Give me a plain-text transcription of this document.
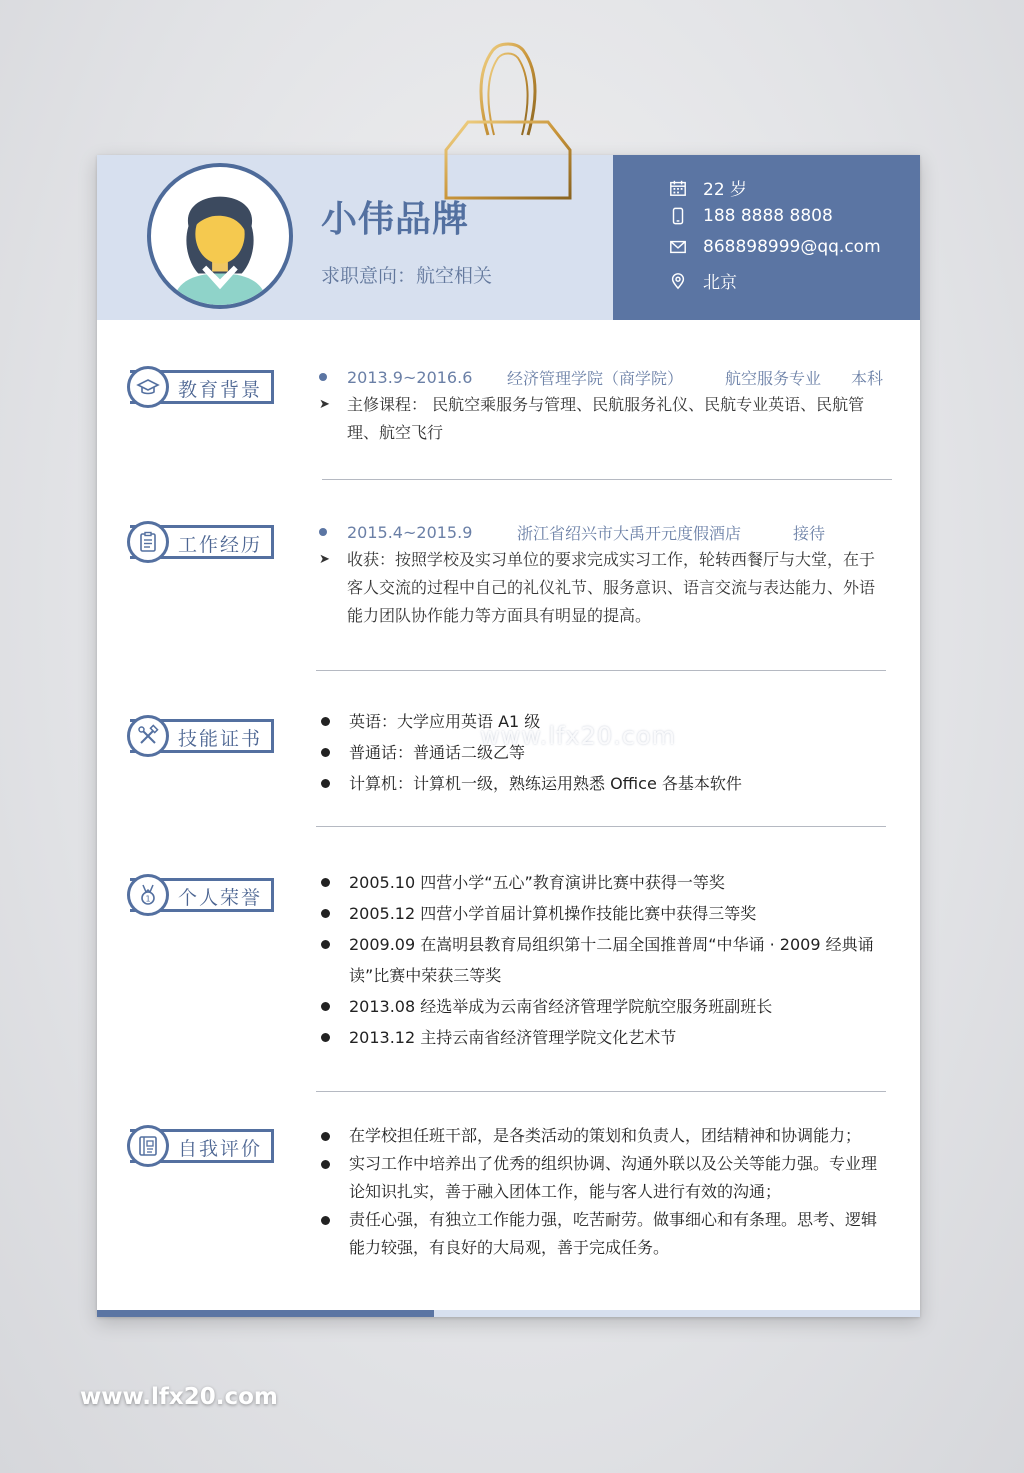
小伟品牌
求职意向：航空相关
22 岁
188 8888 8808
868898999@qq.com
北京
教育背景
2013.9~2016.6	经济管理学院（商学院）	航空服务专业	本科
➤	主修课程： 民航空乘服务与管理、民航服务礼仪、民航专业英语、民航管理、航空飞行
工作经历
2015.4~2015.9	浙江省绍兴市大禹开元度假酒店	接待
➤	收获：按照学校及实习单位的要求完成实习工作，轮转西餐厅与大堂，在于客人交流的过程中自己的礼仪礼节、服务意识、语言交流与表达能力、外语能力团队协作能力等方面具有明显的提高。
技能证书
英语：大学应用英语 A1 级
普通话：普通话二级乙等
计算机：计算机一级，熟练运用熟悉 Office 各基本软件
1 个人荣誉
2005.10 四营小学“五心”教育演讲比赛中获得一等奖
2005.12 四营小学首届计算机操作技能比赛中获得三等奖
2009.09 在嵩明县教育局组织第十二届全国推普周“中华诵 · 2009 经典诵读”比赛中荣获三等奖
2013.08 经选举成为云南省经济管理学院航空服务班副班长
2013.12 主持云南省经济管理学院文化艺术节
自我评价
在学校担任班干部，是各类活动的策划和负责人，团结精神和协调能力；
实习工作中培养出了优秀的组织协调、沟通外联以及公关等能力强。专业理论知识扎实，善于融入团体工作，能与客人进行有效的沟通；
责任心强，有独立工作能力强，吃苦耐劳。做事细心和有条理。思考、逻辑能力较强，有良好的大局观，善于完成任务。
www.lfx20.com
www.lfx20.com
